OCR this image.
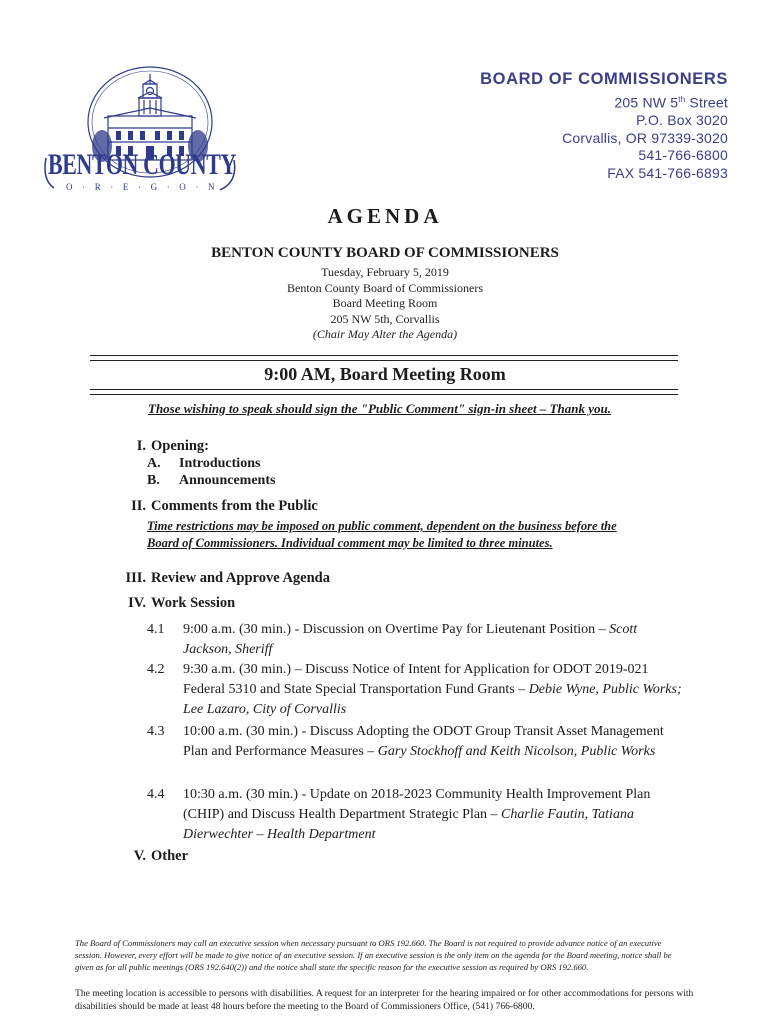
BENTON COUNTY
O · R · E · G · O · N
BOARD OF COMMISSIONERS
205 NW 5th Street
P.O. Box 3020
Corvallis, OR 97339-3020
541-766-6800
FAX 541-766-6893
AGENDA
BENTON COUNTY BOARD OF COMMISSIONERS
Tuesday, February 5, 2019
Benton County Board of Commissioners
Board Meeting Room
205 NW 5th, Corvallis
(Chair May Alter the Agenda)
9:00 AM, Board Meeting Room
Those wishing to speak should sign the "Public Comment" sign-in sheet – Thank you.
I. Opening:
A. Introductions
B. Announcements
II. Comments from the Public
Time restrictions may be imposed on public comment, dependent on the business before the
Board of Commissioners. Individual comment may be limited to three minutes.
III. Review and Approve Agenda
IV. Work Session
4.1 9:00 a.m. (30 min.) - Discussion on Overtime Pay for Lieutenant Position – Scott Jackson, Sheriff
4.2 9:30 a.m. (30 min.) – Discuss Notice of Intent for Application for ODOT 2019-021 Federal 5310 and State Special Transportation Fund Grants – Debie Wyne, Public Works; Lee Lazaro, City of Corvallis
4.3 10:00 a.m. (30 min.) - Discuss Adopting the ODOT Group Transit Asset Management Plan and Performance Measures – Gary Stockhoff and Keith Nicolson, Public Works
4.4 10:30 a.m. (30 min.) - Update on 2018-2023 Community Health Improvement Plan (CHIP) and Discuss Health Department Strategic Plan – Charlie Fautin, Tatiana Dierwechter – Health Department
V. Other
The Board of Commissioners may call an executive session when necessary pursuant to ORS 192.660. The Board is not required to provide advance notice of an executive session. However, every effort will be made to give notice of an executive session. If an executive session is the only item on the agenda for the Board meeting, notice shall be given as for all public meetings (ORS 192.640(2)) and the notice shall state the specific reason for the executive session as required by ORS 192.660.
The meeting location is accessible to persons with disabilities. A request for an interpreter for the hearing impaired or for other accommodations for persons with disabilities should be made at least 48 hours before the meeting to the Board of Commissioners Office, (541) 766-6800.
